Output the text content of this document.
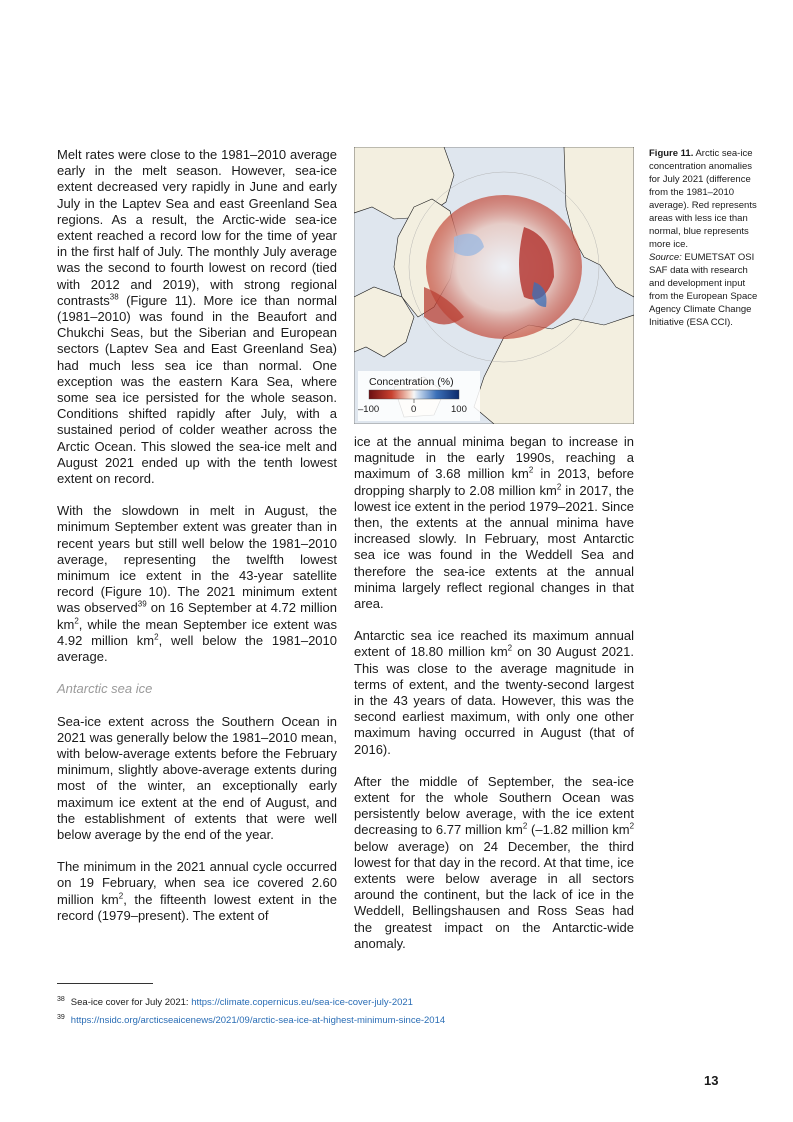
Melt rates were close to the 1981–2010 average early in the melt season. However, sea-ice extent decreased very rapidly in June and early July in the Laptev Sea and east Greenland Sea regions. As a result, the Arctic-wide sea-ice extent reached a record low for the time of year in the first half of July. The monthly July average was the second to fourth lowest on record (tied with 2012 and 2019), with strong regional contrasts$^{38}$ (Figure 11). More ice than normal (1981–2010) was found in the Beaufort and Chukchi Seas, but the Siberian and European sectors (Laptev Sea and East Greenland Sea) had much less sea ice than normal. One exception was the eastern Kara Sea, where some sea ice persisted for the whole season. Conditions shifted rapidly after July, with a sustained period of colder weather across the Arctic Ocean. This slowed the sea-ice melt and August 2021 ended up with the tenth lowest extent on record.

With the slowdown in melt in August, the minimum September extent was greater than in recent years but still well below the 1981–2010 average, representing the twelfth lowest minimum ice extent in the 43-year satellite record (Figure 10). The 2021 minimum extent was observed$^{39}$ on 16 September at 4.72 million $km^2$, while the mean September ice extent was 4.92 million $km^2$, well below the 1981–2010 average.

Antarctic sea ice

Sea-ice extent across the Southern Ocean in 2021 was generally below the 1981–2010 mean, with below-average extents before the February minimum, slightly above-average extents during most of the winter, an exceptionally early maximum ice extent at the end of August, and the establishment of extents that were well below average by the end of the year.

The minimum in the 2021 annual cycle occurred on 19 February, when sea ice covered 2.60 million $km^2$, the fifteenth lowest extent in the record (1979–present). The extent of

Concentration (%)
–100	0	100
Figure 11. Arctic sea-ice concentration anomalies for July 2021 (difference from the 1981–2010 average). Red represents areas with less ice than normal, blue represents more ice.
Source: EUMETSAT OSI SAF data with research and development input from the European Space Agency Climate Change Initiative (ESA CCI).

ice at the annual minima began to increase in magnitude in the early 1990s, reaching a maximum of 3.68 million $km^2$ in 2013, before dropping sharply to 2.08 million $km^2$ in 2017, the lowest ice extent in the period 1979–2021. Since then, the extents at the annual minima have increased slowly. In February, most Antarctic sea ice was found in the Weddell Sea and therefore the sea-ice extents at the annual minima largely reflect regional changes in that area.

Antarctic sea ice reached its maximum annual extent of 18.80 million $km^2$ on 30 August 2021. This was close to the average magnitude in terms of extent, and the twenty-second largest in the 43 years of data. However, this was the second earliest maximum, with only one other maximum having occurred in August (that of 2016).

After the middle of September, the sea-ice extent for the whole Southern Ocean was persistently below average, with the ice extent decreasing to 6.77 million $km^2$ (–1.82 million $km^2$ below average) on 24 December, the third lowest for that day in the record. At that time, ice extents were below average in all sectors around the continent, but the lack of ice in the Weddell, Bellingshausen and Ross Seas had the greatest impact on the Antarctic-wide anomaly.

$^{38}$ Sea-ice cover for July 2021: https://climate.copernicus.eu/sea-ice-cover-july-2021
$^{39}$ https://nsidc.org/arcticseaicenews/2021/09/arctic-sea-ice-at-highest-minimum-since-2014
13
